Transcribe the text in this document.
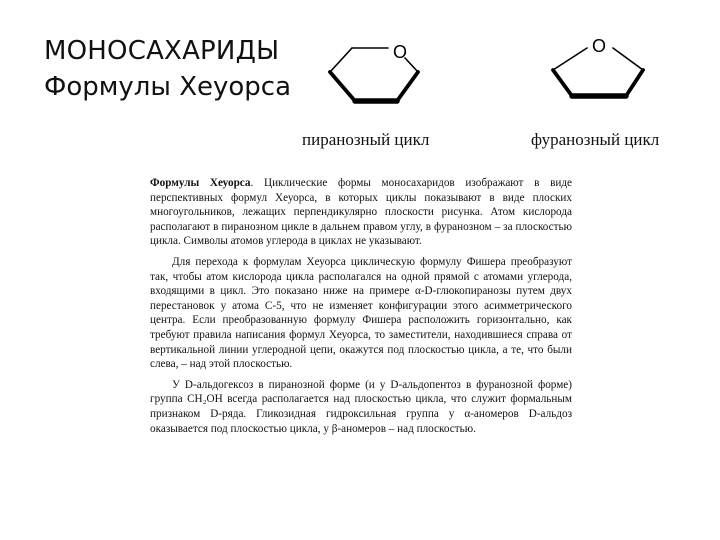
МОНОСАХАРИДЫ
Формулы Хеуорса
O	O
пиранозный цикл	фуранозный цикл

Формулы Хеуорса. Циклические формы моносахаридов изображают в виде перспективных формул Хеуорса, в которых циклы показывают в виде плоских многоугольников, лежащих перпендикулярно плоскости рисунка. Атом кислорода располагают в пиранозном цикле в дальнем правом углу, в фуранозном – за плоскостью цикла. Символы атомов углерода в циклах не указывают.

Для перехода к формулам Хеуорса циклическую формулу Фишера преобразуют так, чтобы атом кислорода цикла располагался на одной прямой с атомами углерода, входящими в цикл. Это показано ниже на примере α-D-глюкопиранозы путем двух перестановок у атома С-5, что не изменяет конфигурации этого асимметрического центра. Если преобразованную формулу Фишера расположить горизонтально, как требуют правила написания формул Хеуорса, то заместители, находившиеся справа от вертикальной линии углеродной цепи, окажутся под плоскостью цикла, а те, что были слева, – над этой плоскостью.

У D-альдогексоз в пиранозной форме (и у D-альдопентоз в фуранозной форме) группа CH₂OH всегда располагается над плоскостью цикла, что служит формальным признаком D-ряда. Гликозидная гидроксильная группа у α-аномеров D-альдоз оказывается под плоскостью цикла, у β-аномеров – над плоскостью.
